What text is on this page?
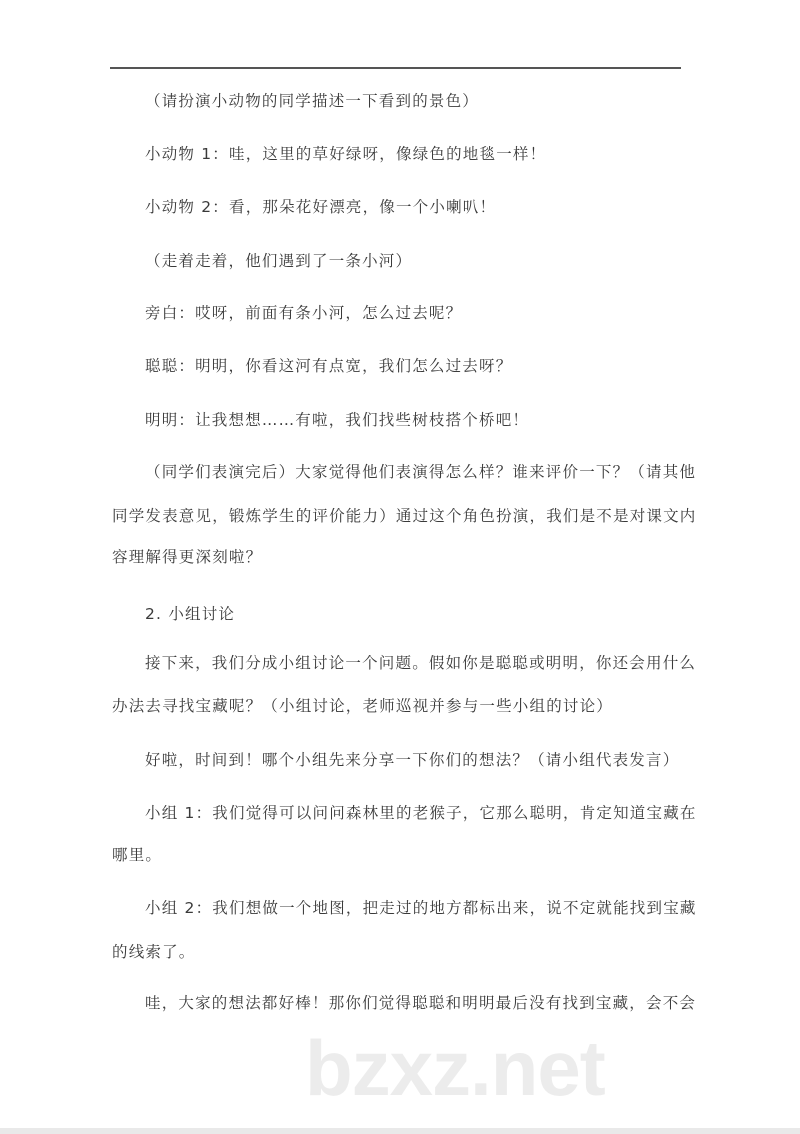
bzxz.net
（请扮演小动物的同学描述一下看到的景色）
小动物 1：哇，这里的草好绿呀，像绿色的地毯一样！
小动物 2：看，那朵花好漂亮，像一个小喇叭！
（走着走着，他们遇到了一条小河）
旁白：哎呀，前面有条小河，怎么过去呢？
聪聪：明明，你看这河有点宽，我们怎么过去呀？
明明：让我想想……有啦，我们找些树枝搭个桥吧！
（同学们表演完后）大家觉得他们表演得怎么样？谁来评价一下？（请其他
同学发表意见，锻炼学生的评价能力）通过这个角色扮演，我们是不是对课文内
容理解得更深刻啦？
2. 小组讨论
接下来，我们分成小组讨论一个问题。假如你是聪聪或明明，你还会用什么
办法去寻找宝藏呢？（小组讨论，老师巡视并参与一些小组的讨论）
好啦，时间到！哪个小组先来分享一下你们的想法？（请小组代表发言）
小组 1：我们觉得可以问问森林里的老猴子，它那么聪明，肯定知道宝藏在
哪里。
小组 2：我们想做一个地图，把走过的地方都标出来，说不定就能找到宝藏
的线索了。
哇，大家的想法都好棒！那你们觉得聪聪和明明最后没有找到宝藏，会不会
